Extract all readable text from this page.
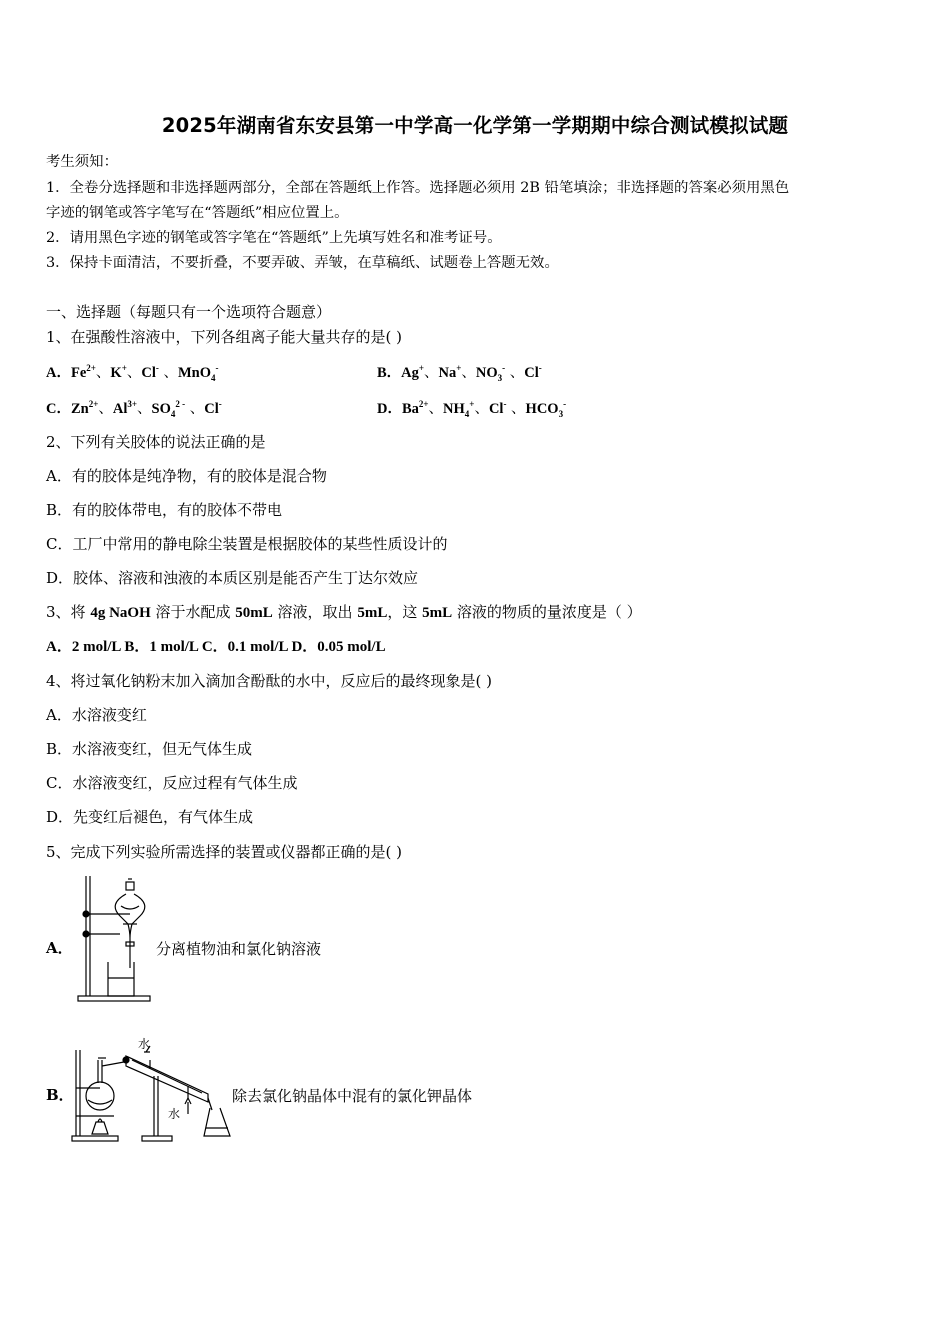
2025年湖南省东安县第一中学高一化学第一学期期中综合测试模拟试题
考生须知：
1．全卷分选择题和非选择题两部分，全部在答题纸上作答。选择题必须用 2B 铅笔填涂；非选择题的答案必须用黑色
字迹的钢笔或答字笔写在“答题纸”相应位置上。
2．请用黑色字迹的钢笔或答字笔在“答题纸”上先填写姓名和准考证号。
3．保持卡面清洁，不要折叠，不要弄破、弄皱，在草稿纸、试题卷上答题无效。
一、选择题（每题只有一个选项符合题意）
1、在强酸性溶液中，下列各组离子能大量共存的是( )
A．$Fe^{2+}$、K+、Cl- 、MnO$_4$-	B．Ag+、Na+、$NO_3^-$ 、Cl-
C．$Zn^{2+}$、$Al^{3+}$、$SO_4^{2 -}$ 、Cl-	D．$Ba^{2+}$、$NH_4^+$、Cl- 、$HCO_3^-$
2、下列有关胶体的说法正确的是
A．有的胶体是纯净物，有的胶体是混合物
B．有的胶体带电，有的胶体不带电
C．工厂中常用的静电除尘装置是根据胶体的某些性质设计的
D．胶体、溶液和浊液的本质区别是能否产生丁达尔效应
3、将 4g NaOH 溶于水配成 50mL 溶液，取出 5mL，这 5mL 溶液的物质的量浓度是（ ）
A．2 mol/L B．1 mol/L C．0.1 mol/L D．0.05 mol/L
4、将过氧化钠粉末加入滴加含酚酞的水中，反应后的最终现象是( )
A．水溶液变红
B．水溶液变红，但无气体生成
C．水溶液变红，反应过程有气体生成
D．先变红后褪色，有气体生成
5、完成下列实验所需选择的装置或仪器都正确的是( )
A．	分离植物油和氯化钠溶液
B．
水
水
除去氯化钠晶体中混有的氯化钾晶体
